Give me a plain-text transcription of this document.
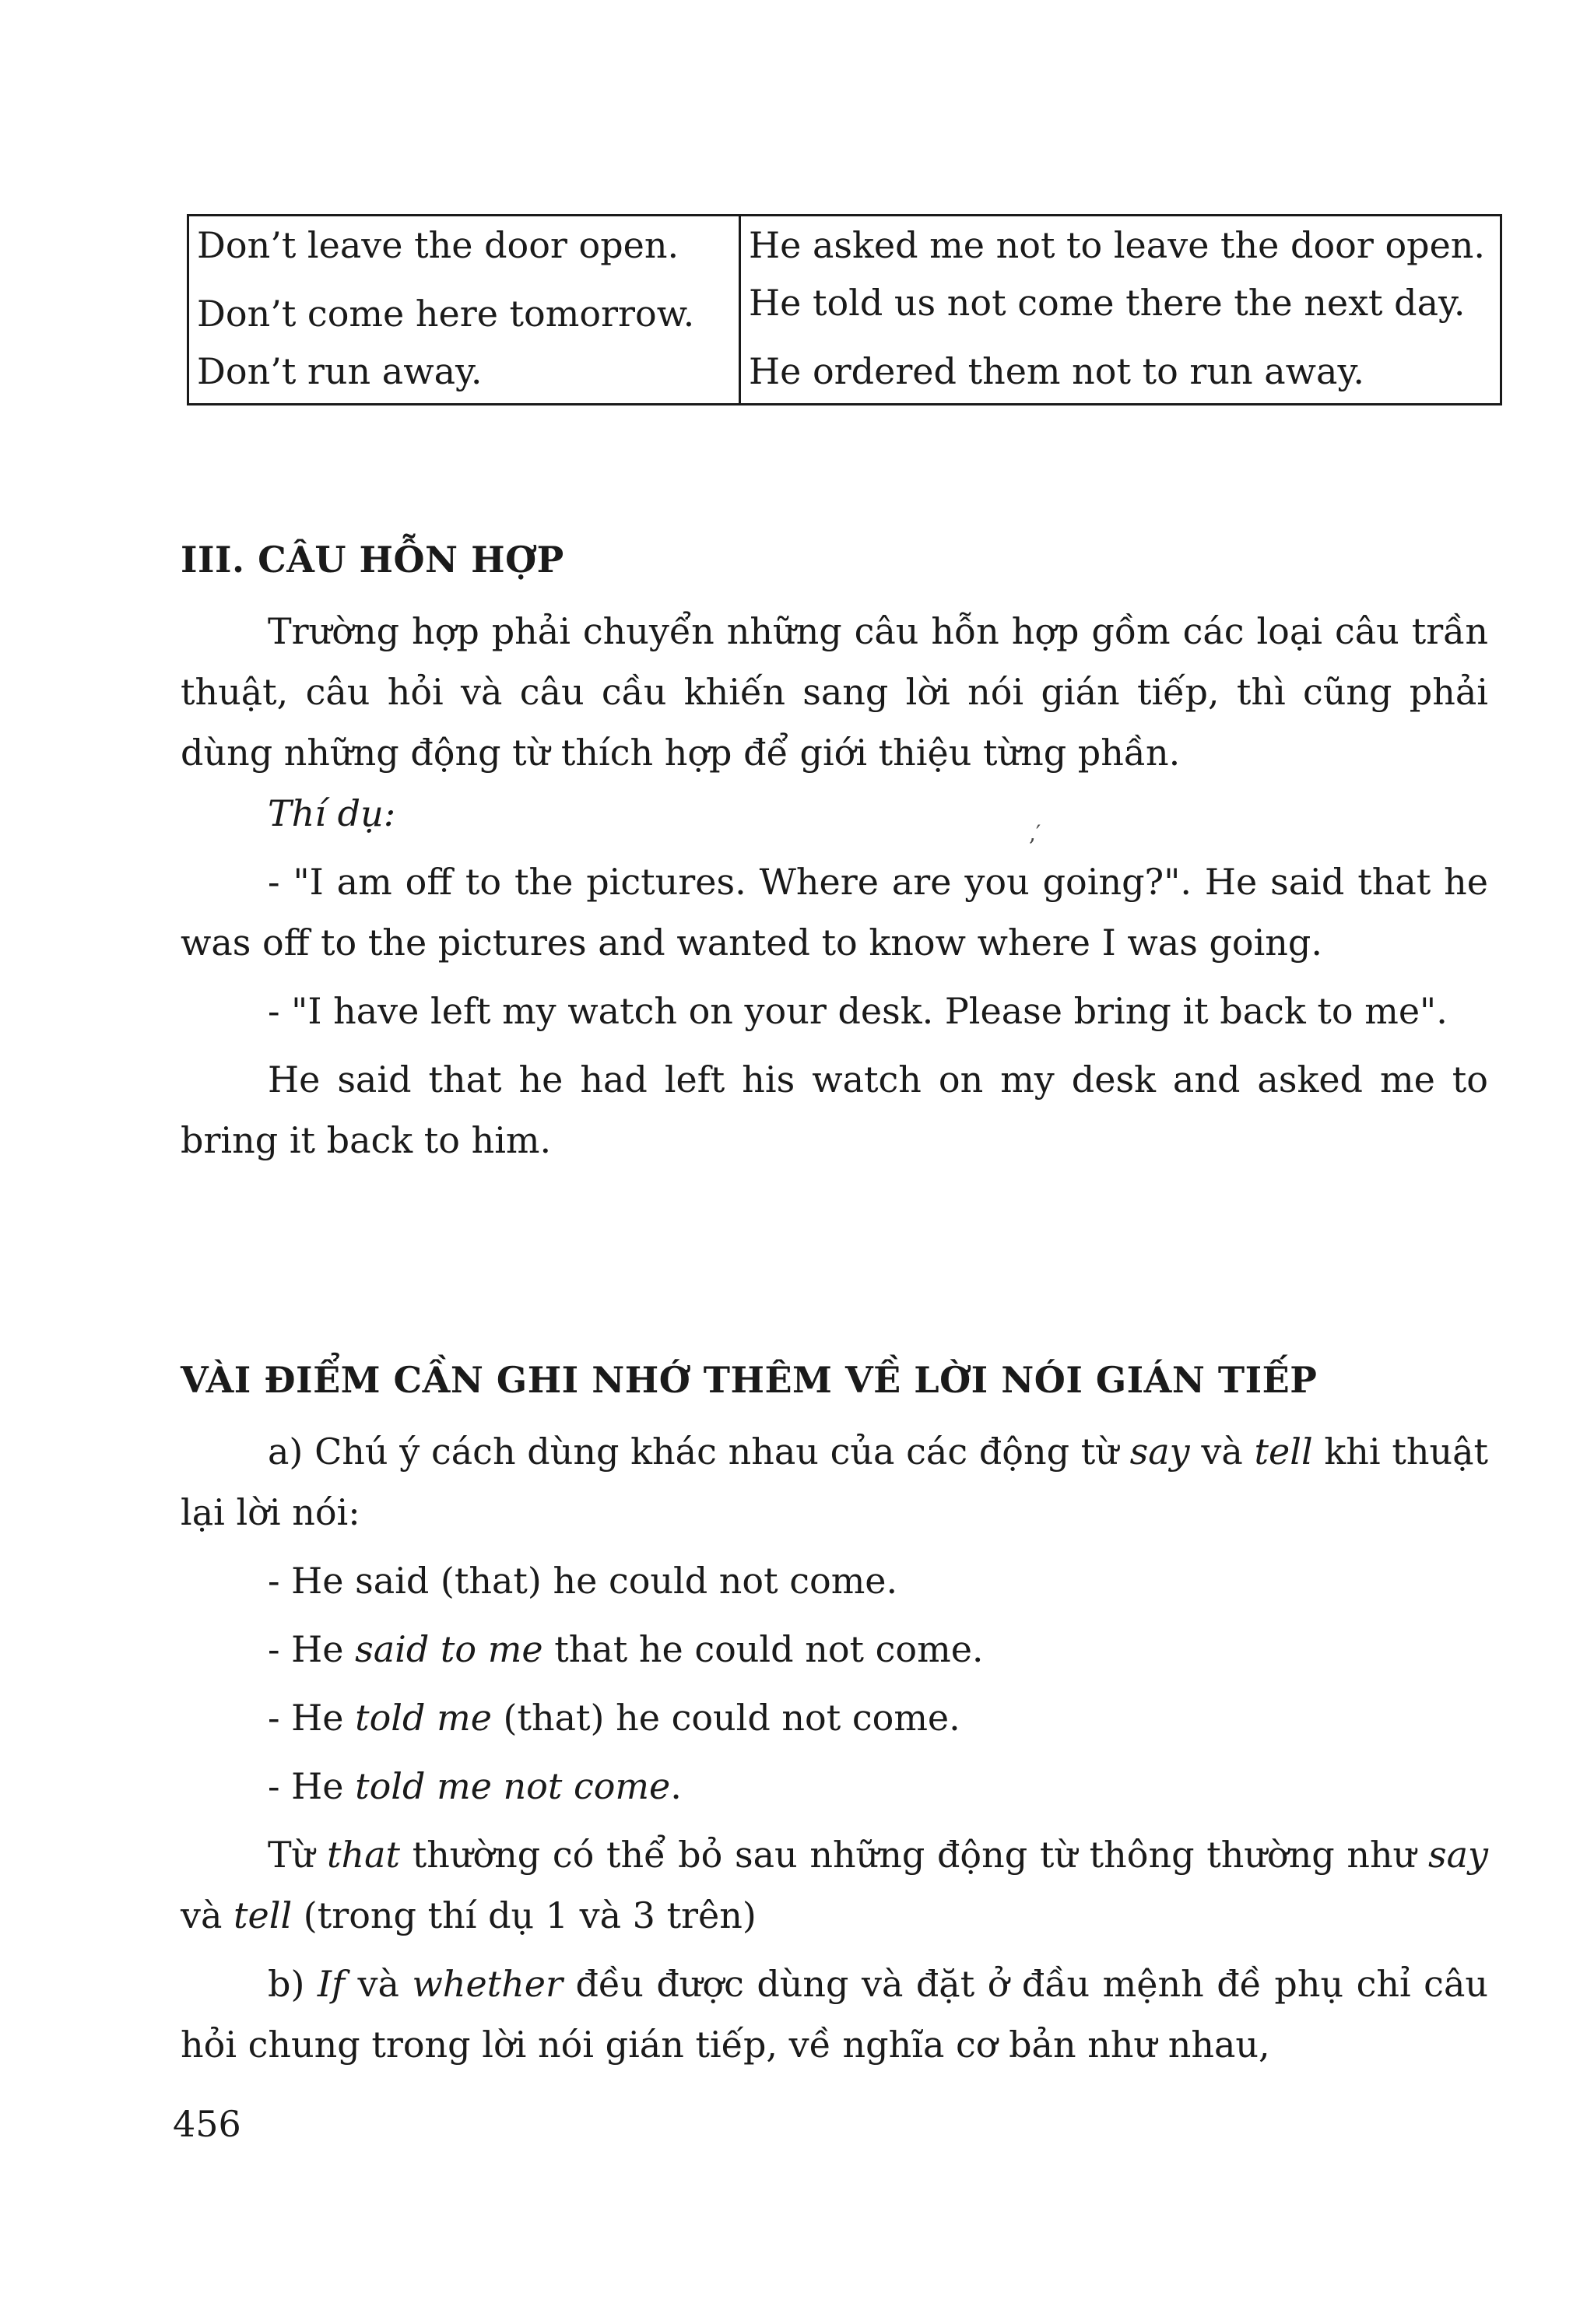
Don’t leave the door open.	He asked me not to leave the door open.
Don’t come here tomorrow.	He told us not come there the next day.
Don’t run away.	He ordered them not to run away.
III. CÂU HỖN HỢP

Trường hợp phải chuyển những câu hỗn hợp gồm các loại câu trần thuật, câu hỏi và câu cầu khiến sang lời nói gián tiếp, thì cũng phải dùng những động từ thích hợp để giới thiệu từng phần.

Thí dụ:

- "I am off to the pictures. Where are you going?". He said that he was off to the pictures and wanted to know where I was going.

- "I have left my watch on your desk. Please bring it back to me".

He said that he had left his watch on my desk and asked me to bring it back to him.

,′
VÀI ĐIỂM CẦN GHI NHỚ THÊM VỀ LỜI NÓI GIÁN TIẾP

a) Chú ý cách dùng khác nhau của các động từ say và tell khi thuật lại lời nói:

- He said (that) he could not come.

- He said to me that he could not come.

- He told me (that) he could not come.

- He told me not come.

Từ that thường có thể bỏ sau những động từ thông thường như say và tell (trong thí dụ 1 và 3 trên)

b) If và whether đều được dùng và đặt ở đầu mệnh đề phụ chỉ câu hỏi chung trong lời nói gián tiếp, về nghĩa cơ bản như nhau,

456
